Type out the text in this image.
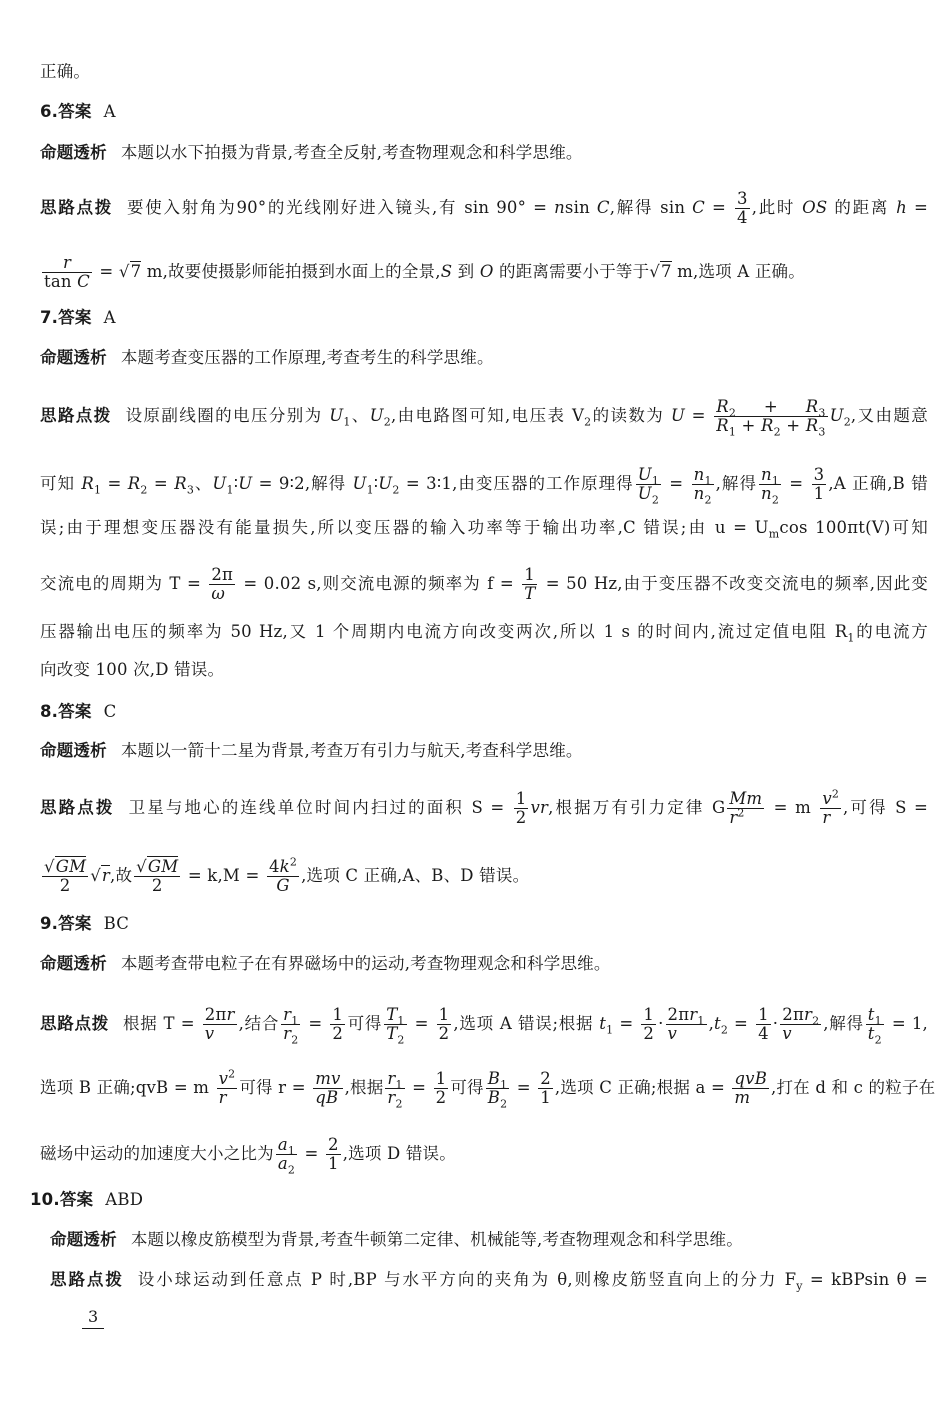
正确。
6.答案 A
命题透析 本题以水下拍摄为背景,考查全反射,考查物理观念和科学思维。
思路点拨 要使入射角为90°的光线刚好进入镜头,有 sin 90° = nsin C,解得 $\sin C = \frac{3}{4}$ ,此时 OS 的距离 h =
$\frac{r}{\text{tan C}} = √7$ m,故要使摄影师能拍摄到水面上的全景,S 到 O 的距离需要小于等于√7 m,选项 A 正确。
7.答案 A
命题透析 本题考查变压器的工作原理,考查考生的科学思维。
思路点拨 设原副线圈的电压分别为 $U_1$、$U_2$,由电路图可知,电压表 $V_2$的读数为 $U = \frac{R_2 + R_3}{R_1 + R_2 + R_3} U_2$,又由题意
可知 $R_1 = R_2 = R_3$、$U_1∶U$ = 9∶2,解得 $U_1∶U_2$ = 3∶1,由变压器的工作原理得 $\frac{U_1}{U_2} = \frac{n_1}{n_2}$ ,解得 $\frac{n_1}{n_2} = \frac{3}{1} ,A$ 正确,B 错
误;由于理想变压器没有能量损失,所以变压器的输入功率等于输出功率,C 错误;由 $u = U_m\cos$ 100πt(V)可知
交流电的周期为 $T = \frac{2\pi}{\omega} = 0.02$ s,则交流电源的频率为 $f = \frac{1}{T} = 50$ Hz,由于变压器不改变交流电的频率,因此变
压器输出电压的频率为 50 Hz,又 1 个周期内电流方向改变两次,所以 1 s 的时间内,流过定值电阻 $R_1$的电流方
向改变 100 次,D 错误。
8.答案 C
命题透析 本题以一箭十二星为背景,考查万有引力与航天,考查科学思维。
思路点拨 卫星与地心的连线单位时间内扫过的面积 $S = \frac{1}{2}$ vr,根据万有引力定律 G $\frac{Mm}{r^2} = m \frac{v^2}{r}$ ,可得 S =
$\frac{√GM}{2} √r$,故 $\frac{√GM}{2} = k,M = \frac{4k^2}{G}$ ,选项 C 正确,A、B、D 错误。
9.答案 BC
命题透析 本题考查带电粒子在有界磁场中的运动,考查物理观念和科学思维。
思路点拨 根据 $T = \frac{2\pi r}{v}$ ,结合 $\frac{r_1}{r_2} = \frac{1}{2}$ 可得 $\frac{T_1}{T_2} = \frac{1}{2}$ ,选项 A 错误;根据 $t_1 = \frac{1}{2} \cdot \frac{2\pi r_1}{v} ,t_2 = \frac{1}{4} \cdot \frac{2\pi r_2}{v}$ ,解得 $\frac{t_1}{t_2} = 1$,
选项 B 正确;qvB = m $\frac{v^2}{r}$ 可得 $r = \frac{mv}{qB}$ ,根据 $\frac{r_1}{r_2} = \frac{1}{2}$ 可得 $\frac{B_1}{B_2} = \frac{2}{1}$ ,选项 C 正确;根据 a = qvB
m
,打在 d 和 c 的粒子在
磁场中运动的加速度大小之比为 $\frac{a_1}{a_2} = \frac{2}{1}$ ,选项 D 错误。
10.答案 ABD
命题透析 本题以橡皮筋模型为背景,考查牛顿第二定律、机械能等,考查物理观念和科学思维。
思路点拨 设小球运动到任意点 P 时,BP 与水平方向的夹角为 θ,则橡皮筋竖直向上的分力 $F_y = kBPsin$ θ =
3
